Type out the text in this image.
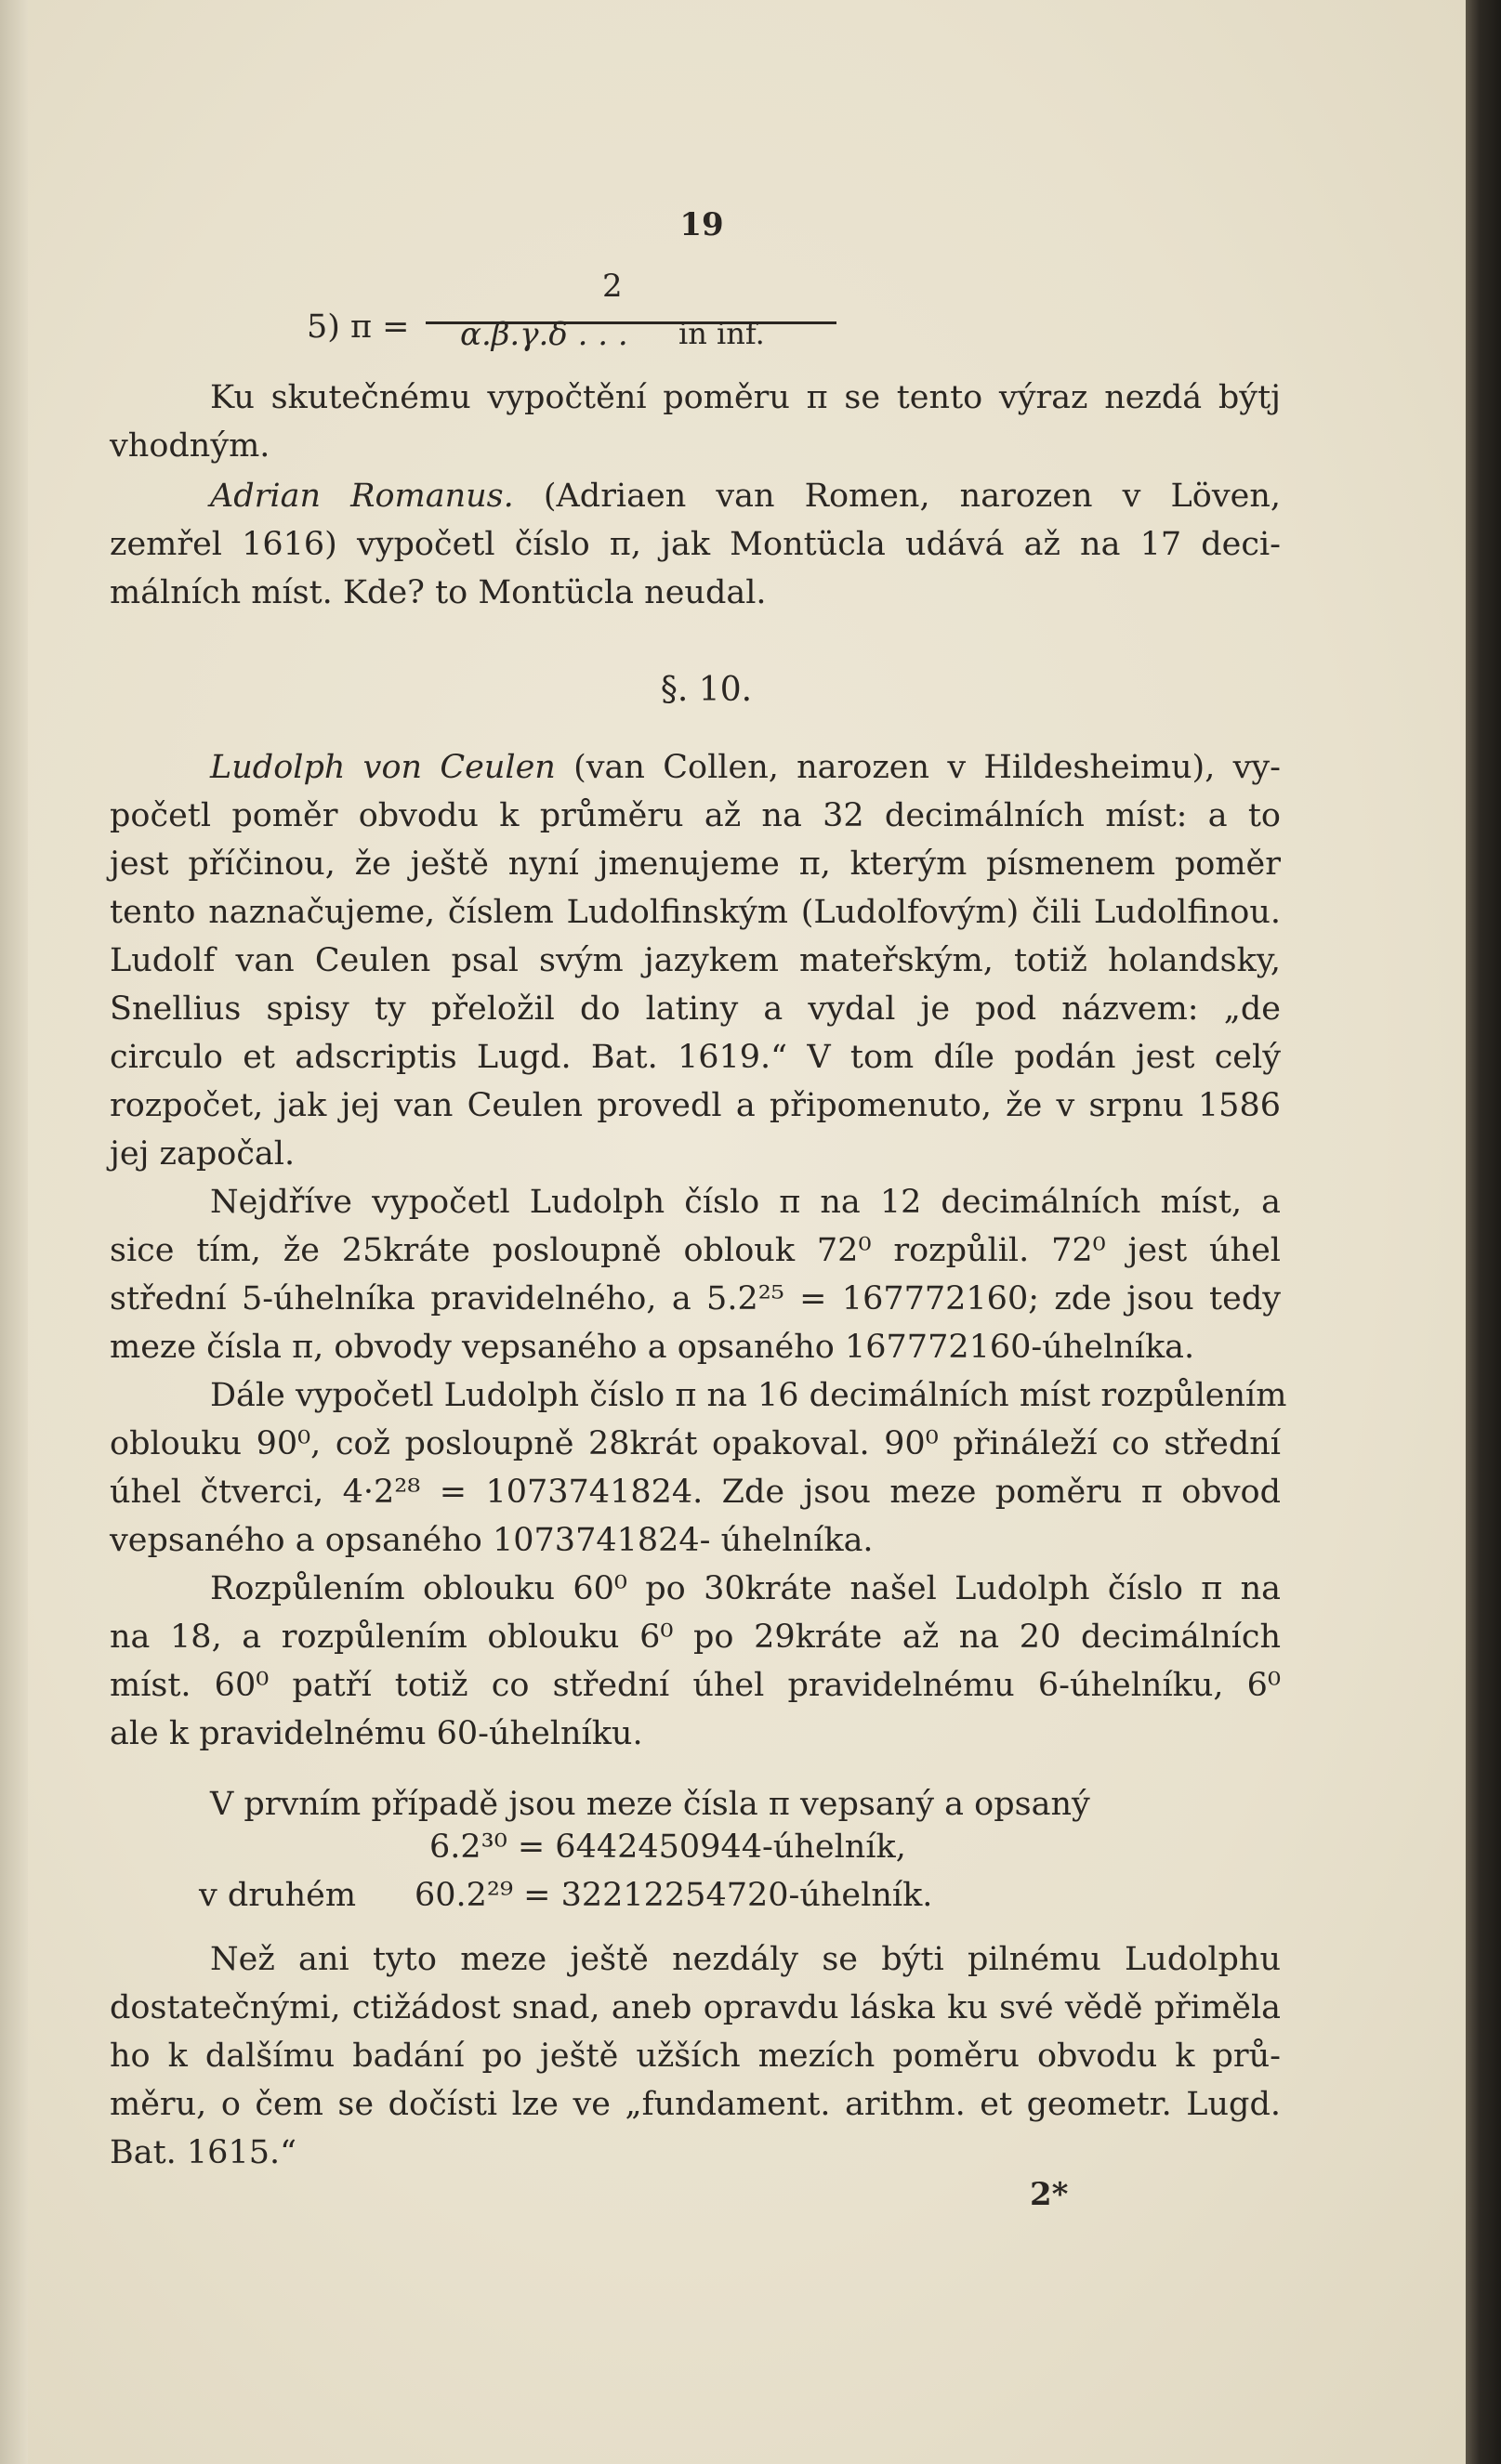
19
2
5) π = α.β.γ.δ . . . in inf.
Ku skutečnému vypočtění poměru π se tento výraz nezdá býtj
vhodným.
Adrian Romanus. (Adriaen van Romen, narozen v Löven,
zemřel 1616) vypočetl číslo π, jak Montücla udává až na 17 deci-
málních míst. Kde? to Montücla neudal.
§. 10.
Ludolph von Ceulen (van Collen, narozen v Hildesheimu), vy-
početl poměr obvodu k průměru až na 32 decimálních míst: a to
jest příčinou, že ještě nyní jmenujeme π, kterým písmenem poměr
tento naznačujeme, číslem Ludolfinským (Ludolfovým) čili Ludolfinou.
Ludolf van Ceulen psal svým jazykem mateřským, totiž holandsky,
Snellius spisy ty přeložil do latiny a vydal je pod názvem: „de
circulo et adscriptis Lugd. Bat. 1619.“ V tom díle podán jest celý
rozpočet, jak jej van Ceulen provedl a připomenuto, že v srpnu 1586
jej započal.
Nejdříve vypočetl Ludolph číslo π na 12 decimálních míst, a
sice tím, že 25kráte posloupně oblouk 72⁰ rozpůlil. 72⁰ jest úhel
střední 5-úhelníka pravidelného, a 5.2²⁵ = 167772160; zde jsou tedy
meze čísla π, obvody vepsaného a opsaného 167772160-úhelníka.
Dále vypočetl Ludolph číslo π na 16 decimálních míst rozpůlením
oblouku 90⁰, což posloupně 28krát opakoval. 90⁰ přináleží co střední
úhel čtverci, 4·2²⁸ = 1073741824. Zde jsou meze poměru π obvod
vepsaného a opsaného 1073741824- úhelníka.
Rozpůlením oblouku 60⁰ po 30kráte našel Ludolph číslo π na
na 18, a rozpůlením oblouku 6⁰ po 29kráte až na 20 decimálních
míst. 60⁰ patří totiž co střední úhel pravidelnému 6-úhelníku, 6⁰
ale k pravidelnému 60-úhelníku.
V prvním případě jsou meze čísla π vepsaný a opsaný
6.2³⁰ = 6442450944-úhelník,
v druhém 60.2²⁹ = 32212254720-úhelník.
Než ani tyto meze ještě nezdály se býti pilnému Ludolphu
dostatečnými, ctižádost snad, aneb opravdu láska ku své vědě přiměla
ho k dalšímu badání po ještě užších mezích poměru obvodu k prů-
měru, o čem se dočísti lze ve „fundament. arithm. et geometr. Lugd.
Bat. 1615.“
2*
